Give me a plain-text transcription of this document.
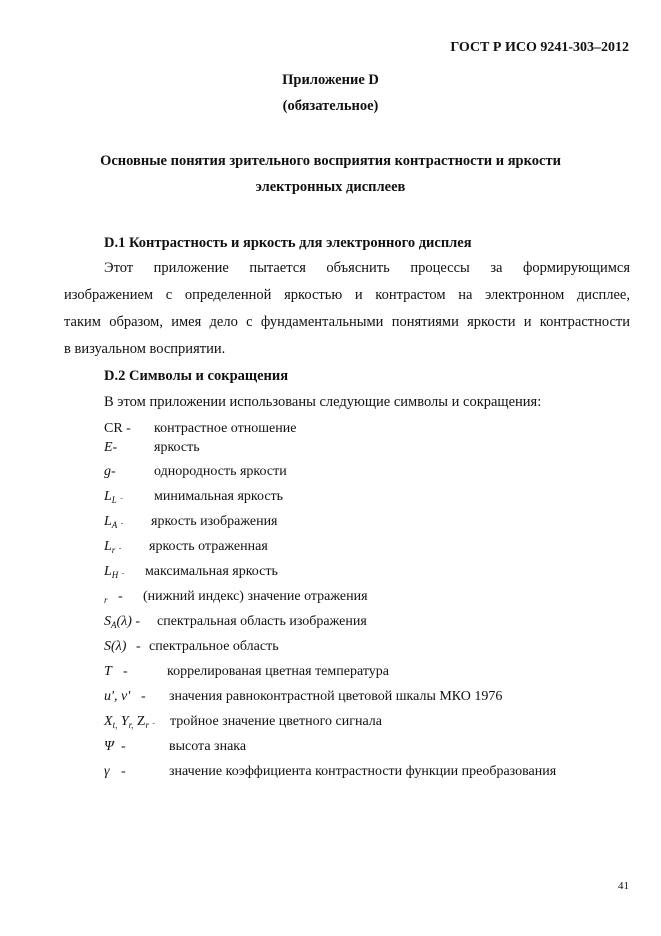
ГОСТ Р ИСО 9241-303–2012
Приложение D
(обязательное)
Основные понятия зрительного восприятия контрастности и яркости
электронных дисплеев
D.1 Контрастность и яркость для электронного дисплея
Этот приложение пытается объяснить процессы за формирующимся
изображением с определенной яркостью и контрастом на электронном дисплее,
таким образом, имея дело с фундаментальными понятиями яркости и контрастности
в визуальном восприятии.
D.2 Символы и сокращения
В этом приложении использованы следующие символы и сокращения:
CR - контрастное отношение
E-	яркость
g-	однородность яркости
$L_L$ - минимальная яркость
$L_A$ - яркость изображения
$L_r$ - яркость отраженная
$L_H$ - максимальная яркость
$_r$ - (нижний индекс) значение отражения
$S_A(\lambda)$ - спектральная область изображения
S(λ) - спектральное область
T -	коррелированая цветная температура
u', v' - значения равноконтрастной цветовой шкалы МКО 1976
$X_{t,}$ $Y_{r,}$ $Z_r$ - тройное значение цветного сигнала
Ψ -	высота знака
γ -	значение коэффициента контрастности функции преобразования
41
